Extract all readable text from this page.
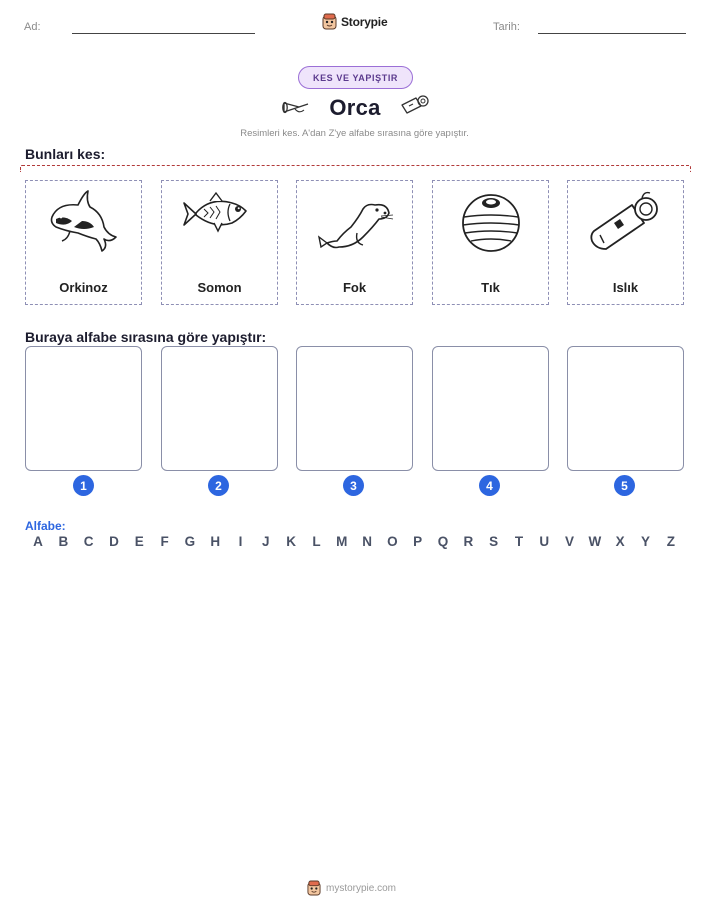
Ad:	Storypie	Tarih:
KES VE YAPIŞTIR
Orca
Resimleri kes. A'dan Z'ye alfabe sırasına göre yapıştır.
Bunları kes:
Orkinoz	Somon	Fok	Tık	Islık
Buraya alfabe sırasına göre yapıştır:
1	2	3	4	5
Alfabe:
A B C D E F G H	I	J K L M N O P Q R S T U V W X Y Z
mystorypie.com
